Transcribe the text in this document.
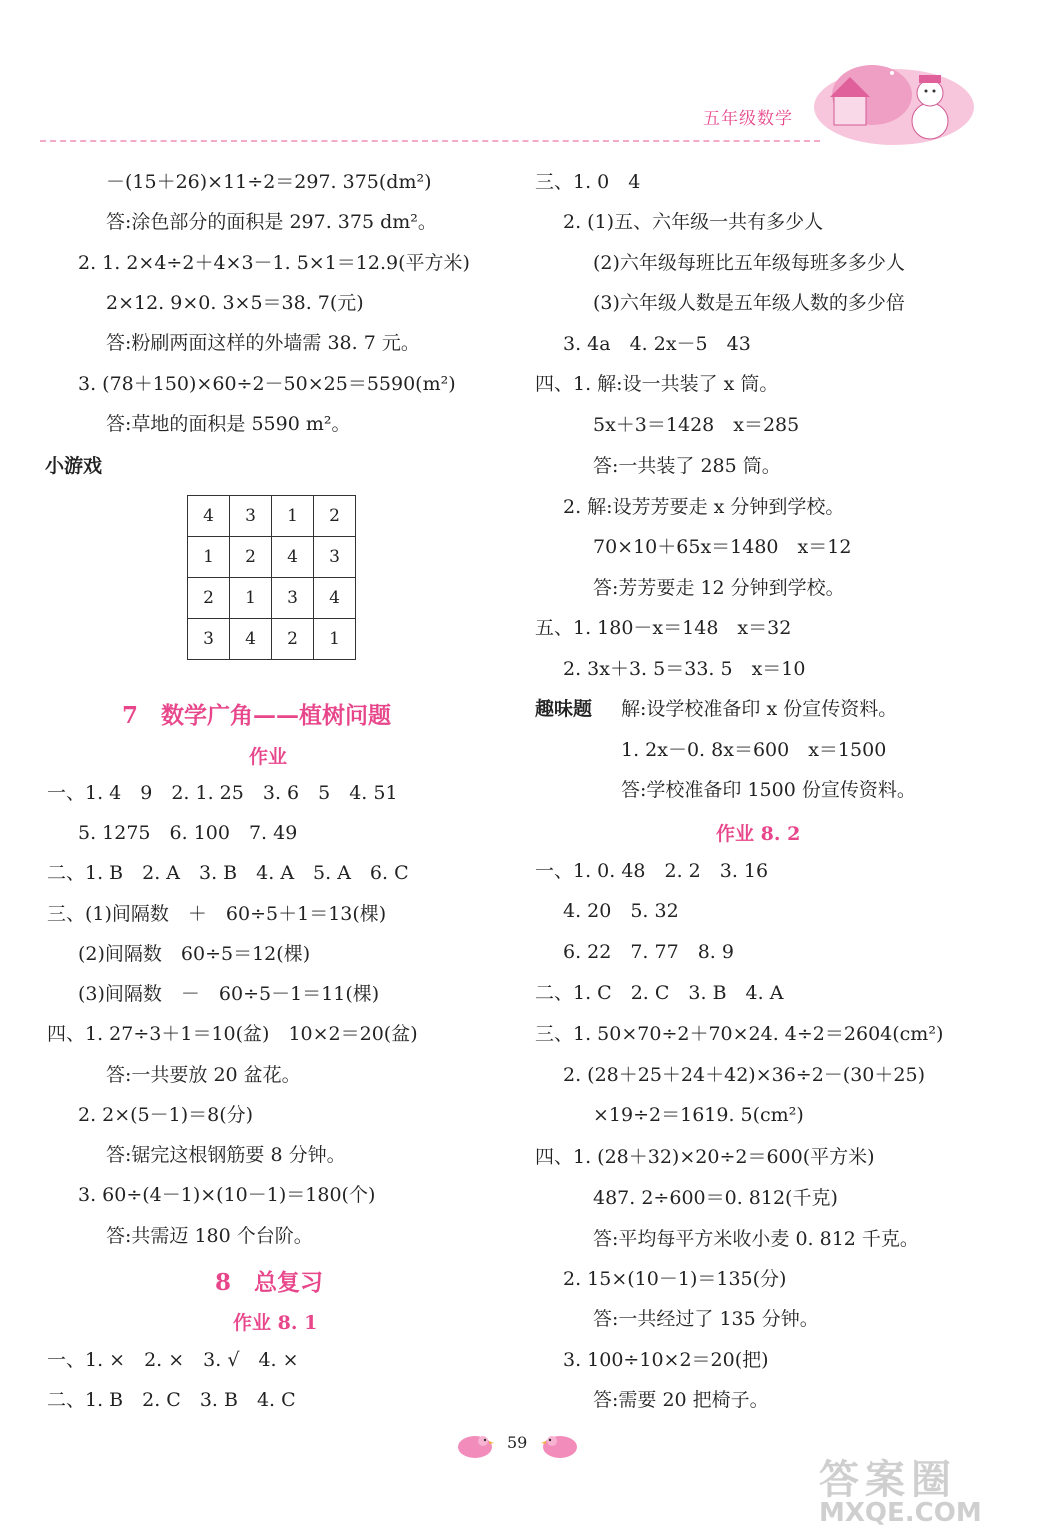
五年级数学
－(15＋26)×11÷2＝297. 375(dm²)
答:涂色部分的面积是 297. 375 dm²。
2. 1. 2×4÷2＋4×3－1. 5×1＝12.9(平方米)
2×12. 9×0. 3×5＝38. 7(元)
答:粉刷两面这样的外墙需 38. 7 元。
3. (78＋150)×60÷2－50×25＝5590(m²)
答:草地的面积是 5590 m²。
小游戏
4	3	1	2
1	2	4	3
2	1	3	4
3	4	2	1
7　数学广角——植树问题
作业
一、1. 4　9　2. 1. 25　3. 6　5　4. 51
5. 1275　6. 100　7. 49
二、1. B　2. A　3. B　4. A　5. A　6. C
三、(1)间隔数　＋　60÷5＋1＝13(棵)
(2)间隔数　60÷5＝12(棵)
(3)间隔数　－　60÷5－1＝11(棵)
四、1. 27÷3＋1＝10(盆)　10×2＝20(盆)
答:一共要放 20 盆花。
2. 2×(5－1)＝8(分)
答:锯完这根钢筋要 8 分钟。
3. 60÷(4－1)×(10－1)＝180(个)
答:共需迈 180 个台阶。
8　总复习
作业 8. 1
一、1. ×　2. ×　3. √　4. ×
二、1. B　2. C　3. B　4. C
三、1. 0　4
2. (1)五、六年级一共有多少人
(2)六年级每班比五年级每班多多少人
(3)六年级人数是五年级人数的多少倍
3. 4a　4. 2x－5　43
四、1. 解:设一共装了 x 筒。
5x＋3＝1428　x＝285
答:一共装了 285 筒。
2. 解:设芳芳要走 x 分钟到学校。
70×10＋65x＝1480　x＝12
答:芳芳要走 12 分钟到学校。
五、1. 180－x＝148　x＝32
2. 3x＋3. 5＝33. 5　x＝10
趣味题 解:设学校准备印 x 份宣传资料。
1. 2x－0. 8x＝600　x＝1500
答:学校准备印 1500 份宣传资料。
作业 8. 2
一、1. 0. 48　2. 2　3. 16
4. 20　5. 32
6. 22　7. 77　8. 9
二、1. C　2. C　3. B　4. A
三、1. 50×70÷2＋70×24. 4÷2＝2604(cm²)
2. (28＋25＋24＋42)×36÷2－(30＋25)
×19÷2＝1619. 5(cm²)
四、1. (28＋32)×20÷2＝600(平方米)
487. 2÷600＝0. 812(千克)
答:平均每平方米收小麦 0. 812 千克。
2. 15×(10－1)＝135(分)
答:一共经过了 135 分钟。
3. 100÷10×2＝20(把)
答:需要 20 把椅子。
59
答案圈
MXQE.COM
